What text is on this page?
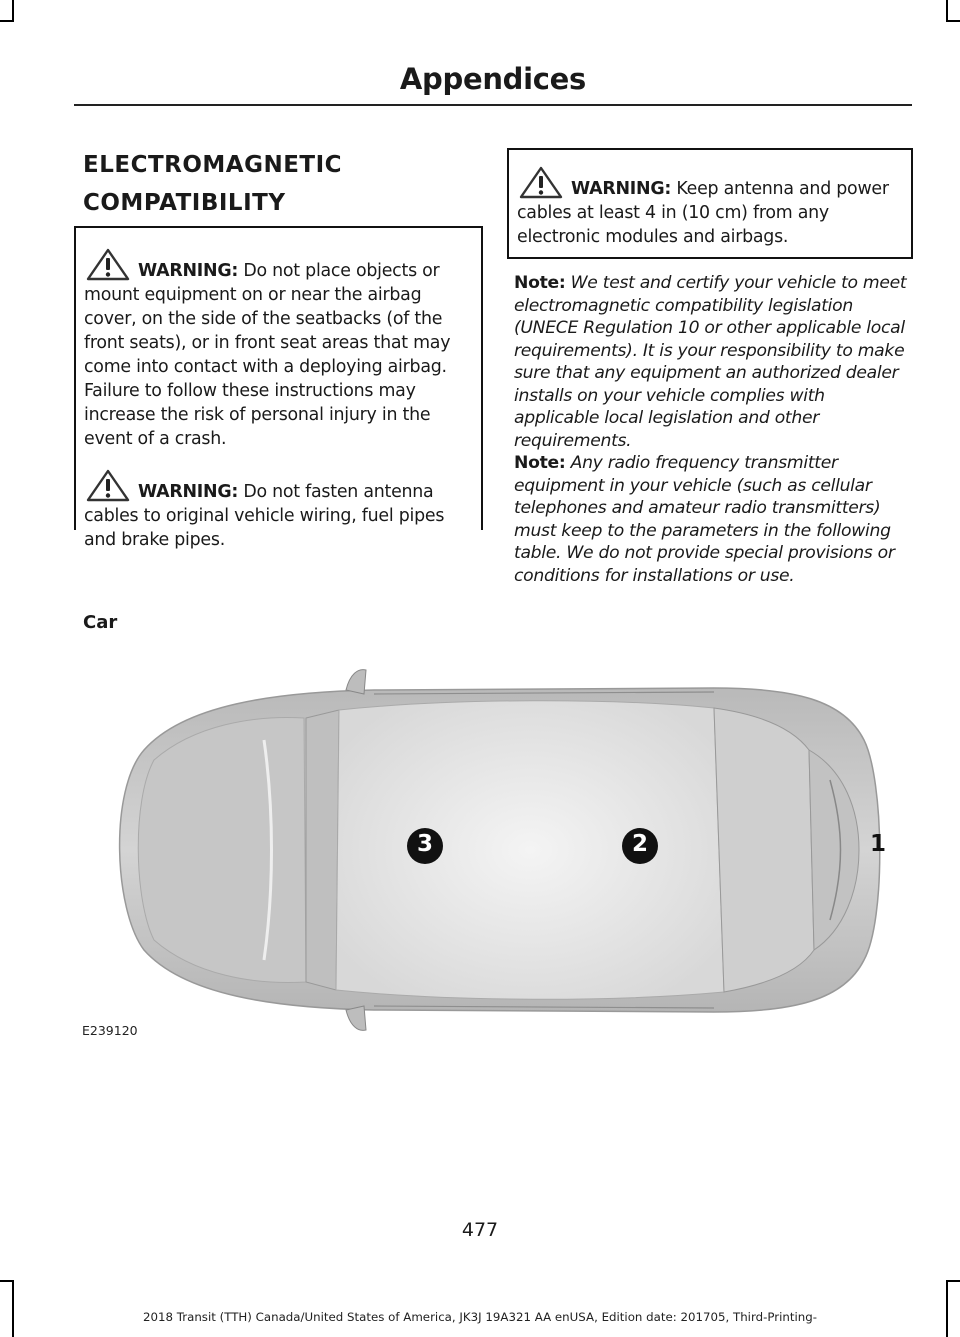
Appendices
ELECTROMAGNETIC
COMPATIBILITY
WARNING: Do not place objects or mount equipment on or near the airbag cover, on the side of the seatbacks (of the front seats), or in front seat areas that may come into contact with a deploying airbag. Failure to follow these instructions may increase the risk of personal injury in the event of a crash.
WARNING: Do not fasten antenna cables to original vehicle wiring, fuel pipes and brake pipes.
WARNING: Keep antenna and power cables at least 4 in (10 cm) from any electronic modules and airbags.
Note: We test and certify your vehicle to meet electromagnetic compatibility legislation (UNECE Regulation 10 or other applicable local requirements). It is your responsibility to make sure that any equipment an authorized dealer installs on your vehicle complies with applicable local legislation and other requirements.
Note: Any radio frequency transmitter equipment in your vehicle (such as cellular telephones and amateur radio transmitters) must keep to the parameters in the following table. We do not provide special provisions or conditions for installations or use.
Car
3	2	1
E239120
477
2018 Transit (TTH) Canada/United States of America, JK3J 19A321 AA enUSA, Edition date: 201705, Third-Printing-
